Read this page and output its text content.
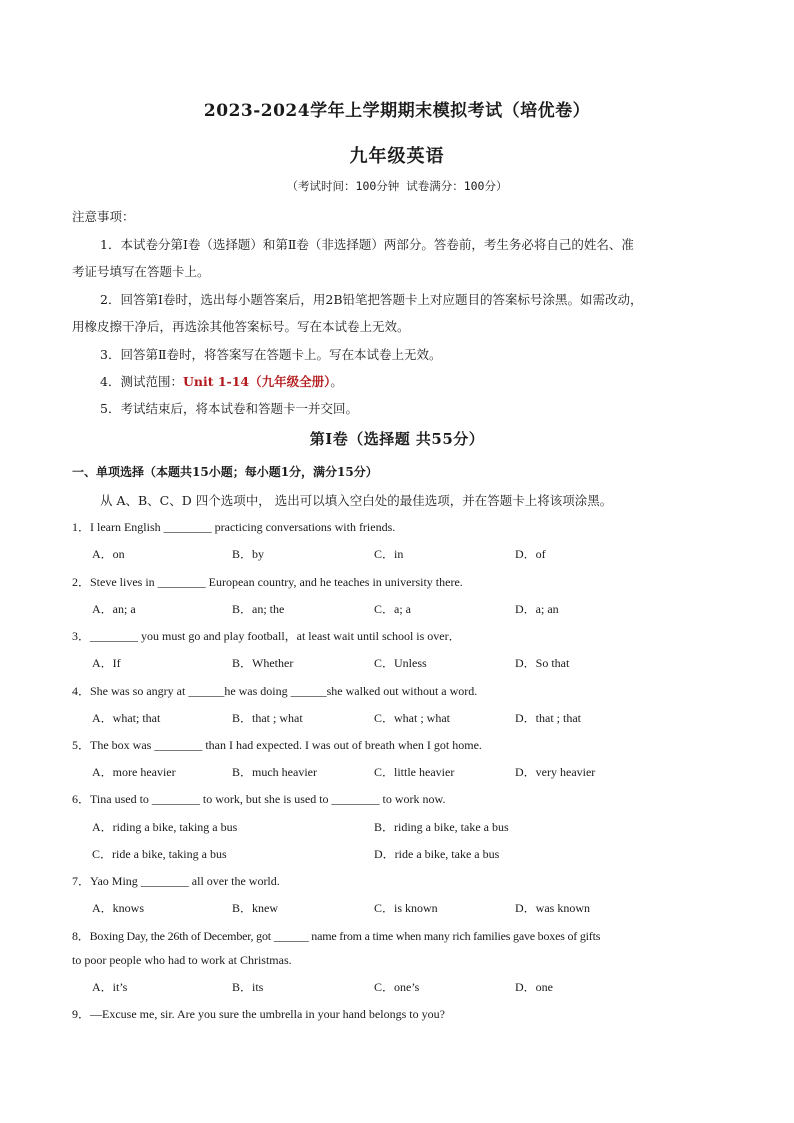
2023-2024学年上学期期末模拟考试（培优卷）
九年级英语
（考试时间：100分钟 试卷满分：100分）
注意事项：
1．本试卷分第Ⅰ卷（选择题）和第Ⅱ卷（非选择题）两部分。答卷前，考生务必将自己的姓名、准
考证号填写在答题卡上。
2．回答第Ⅰ卷时，选出每小题答案后，用2B铅笔把答题卡上对应题目的答案标号涂黑。如需改动，
用橡皮擦干净后，再选涂其他答案标号。写在本试卷上无效。
3．回答第Ⅱ卷时，将答案写在答题卡上。写在本试卷上无效。
4．测试范围：Unit 1-14（九年级全册）。
5．考试结束后，将本试卷和答题卡一并交回。
第I卷（选择题 共55分）
一、单项选择（本题共15小题；每小题1分，满分15分）
从 A、B、C、D 四个选项中， 选出可以填入空白处的最佳选项，并在答题卡上将该项涂黑。
1．I learn English ________ practicing conversations with friends.
A．on	B．by	C．in	D．of
2．Steve lives in ________ European country, and he teaches in university there.
A．an; a	B．an; the	C．a; a	D．a; an
3．________ you must go and play football，at least wait until school is over．
A．If	B．Whether	C．Unless	D．So that
4．She was so angry at ______he was doing ______she walked out without a word.
A．what; that	B．that ; what	C．what ; what	D．that ; that
5．The box was ________ than I had expected. I was out of breath when I got home.
A．more heavier	B．much heavier	C．little heavier	D．very heavier
6．Tina used to ________ to work, but she is used to ________ to work now.
A．riding a bike, taking a bus	B．riding a bike, take a bus
C．ride a bike, taking a bus	D．ride a bike, take a bus
7．Yao Ming ________ all over the world.
A．knows	B．knew	C．is known	D．was known
8．Boxing Day, the 26th of December, got ______ name from a time when many rich families gave boxes of gifts
to poor people who had to work at Christmas.
A．it’s	B．its	C．one’s	D．one
9．—Excuse me, sir. Are you sure the umbrella in your hand belongs to you?
